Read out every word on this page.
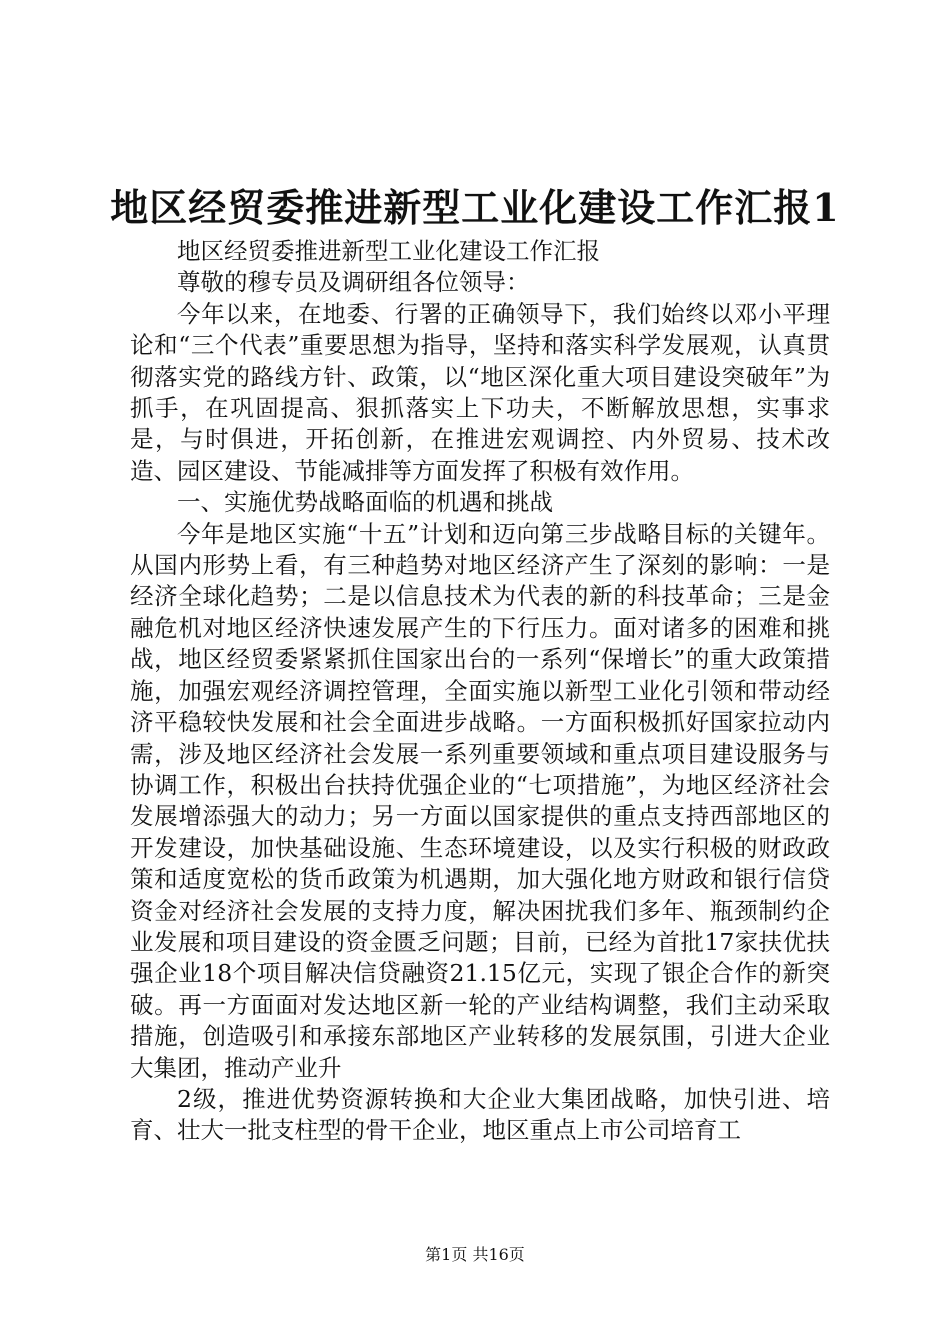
地区经贸委推进新型工业化建设工作汇报1

地区经贸委推进新型工业化建设工作汇报

尊敬的穆专员及调研组各位领导：

今年以来，在地委、行署的正确领导下，我们始终以邓小平理论和“三个代表”重要思想为指导，坚持和落实科学发展观，认真贯彻落实党的路线方针、政策，以“地区深化重大项目建设突破年”为抓手，在巩固提高、狠抓落实上下功夫，不断解放思想，实事求是，与时俱进，开拓创新，在推进宏观调控、内外贸易、技术改造、园区建设、节能减排等方面发挥了积极有效作用。

一、实施优势战略面临的机遇和挑战

今年是地区实施“十五”计划和迈向第三步战略目标的关键年。从国内形势上看，有三种趋势对地区经济产生了深刻的影响：一是经济全球化趋势；二是以信息技术为代表的新的科技革命；三是金融危机对地区经济快速发展产生的下行压力。面对诸多的困难和挑战，地区经贸委紧紧抓住国家出台的一系列“保增长”的重大政策措施，加强宏观经济调控管理，全面实施以新型工业化引领和带动经济平稳较快发展和社会全面进步战略。一方面积极抓好国家拉动内需，涉及地区经济社会发展一系列重要领域和重点项目建设服务与协调工作，积极出台扶持优强企业的“七项措施”，为地区经济社会发展增添强大的动力；另一方面以国家提供的重点支持西部地区的开发建设，加快基础设施、生态环境建设，以及实行积极的财政政策和适度宽松的货币政策为机遇期，加大强化地方财政和银行信贷资金对经济社会发展的支持力度，解决困扰我们多年、瓶颈制约企业发展和项目建设的资金匮乏问题；目前，已经为首批17家扶优扶强企业18个项目解决信贷融资21.15亿元，实现了银企合作的新突破。再一方面面对发达地区新一轮的产业结构调整，我们主动采取措施，创造吸引和承接东部地区产业转移的发展氛围，引进大企业大集团，推动产业升

2级，推进优势资源转换和大企业大集团战略，加快引进、培育、壮大一批支柱型的骨干企业，地区重点上市公司培育工

第1页 共16页
